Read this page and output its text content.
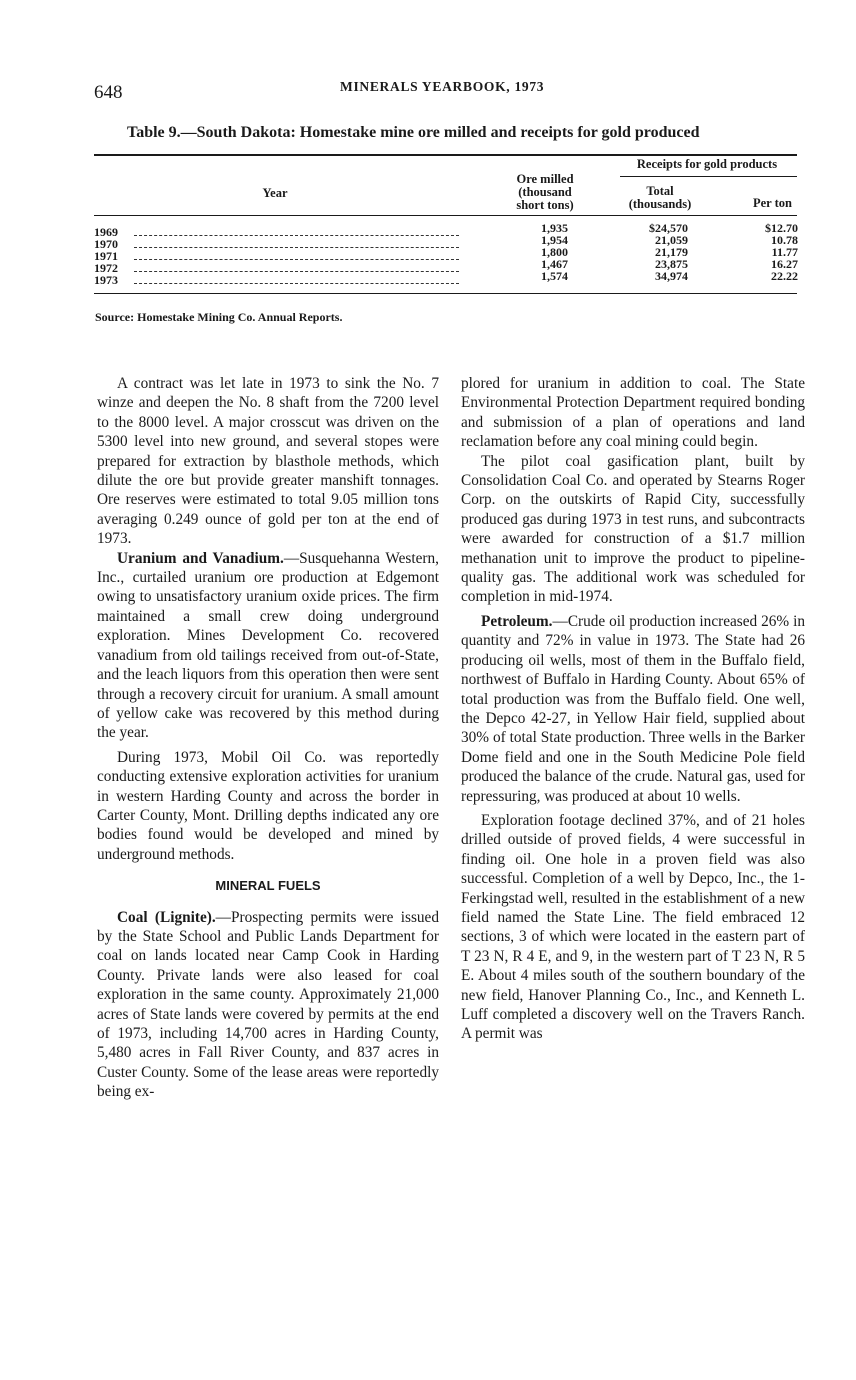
648	MINERALS YEARBOOK, 1973
Table 9.—South Dakota: Homestake mine ore milled and receipts for gold produced
Year
Ore milled
(thousand
short tons)
Receipts for gold products
Total
(thousands)	Per ton
1969	1,935	$24,570	$12.70
1970	1,954	21,059	10.78
1971	1,800	21,179	11.77
1972	1,467	23,875	16.27
1973	1,574	34,974	22.22
Source: Homestake Mining Co. Annual Reports.

A contract was let late in 1973 to sink the No. 7 winze and deepen the No. 8 shaft from the 7200 level to the 8000 level. A major crosscut was driven on the 5300 level into new ground, and several stopes were prepared for extraction by blasthole methods, which dilute the ore but provide greater manshift tonnages. Ore reserves were estimated to total 9.05 million tons averaging 0.249 ounce of gold per ton at the end of 1973.

Uranium and Vanadium.—Susquehanna Western, Inc., curtailed uranium ore production at Edgemont owing to unsatisfactory uranium oxide prices. The firm maintained a small crew doing underground exploration. Mines Development Co. recovered vanadium from old tailings received from out-of-State, and the leach liquors from this operation then were sent through a recovery circuit for uranium. A small amount of yellow cake was recovered by this method during the year.

During 1973, Mobil Oil Co. was reportedly conducting extensive exploration activities for uranium in western Harding County and across the border in Carter County, Mont. Drilling depths indicated any ore bodies found would be developed and mined by underground methods.

MINERAL FUELS

Coal (Lignite).—Prospecting permits were issued by the State School and Public Lands Department for coal on lands located near Camp Cook in Harding County. Private lands were also leased for coal exploration in the same county. Approximately 21,000 acres of State lands were covered by permits at the end of 1973, including 14,700 acres in Harding County, 5,480 acres in Fall River County, and 837 acres in Custer County. Some of the lease areas were reportedly being ex-

plored for uranium in addition to coal. The State Environmental Protection Department required bonding and submission of a plan of operations and land reclamation before any coal mining could begin.

The pilot coal gasification plant, built by Consolidation Coal Co. and operated by Stearns Roger Corp. on the outskirts of Rapid City, successfully produced gas during 1973 in test runs, and subcontracts were awarded for construction of a $1.7 million methanation unit to improve the product to pipeline-quality gas. The additional work was scheduled for completion in mid-1974.

Petroleum.—Crude oil production increased 26% in quantity and 72% in value in 1973. The State had 26 producing oil wells, most of them in the Buffalo field, northwest of Buffalo in Harding County. About 65% of total production was from the Buffalo field. One well, the Depco 42-27, in Yellow Hair field, supplied about 30% of total State production. Three wells in the Barker Dome field and one in the South Medicine Pole field produced the balance of the crude. Natural gas, used for repressuring, was produced at about 10 wells.

Exploration footage declined 37%, and of 21 holes drilled outside of proved fields, 4 were successful in finding oil. One hole in a proven field was also successful. Completion of a well by Depco, Inc., the 1-Ferkingstad well, resulted in the establishment of a new field named the State Line. The field embraced 12 sections, 3 of which were located in the eastern part of T 23 N, R 4 E, and 9, in the western part of T 23 N, R 5 E. About 4 miles south of the southern boundary of the new field, Hanover Planning Co., Inc., and Kenneth L. Luff completed a discovery well on the Travers Ranch. A permit was
